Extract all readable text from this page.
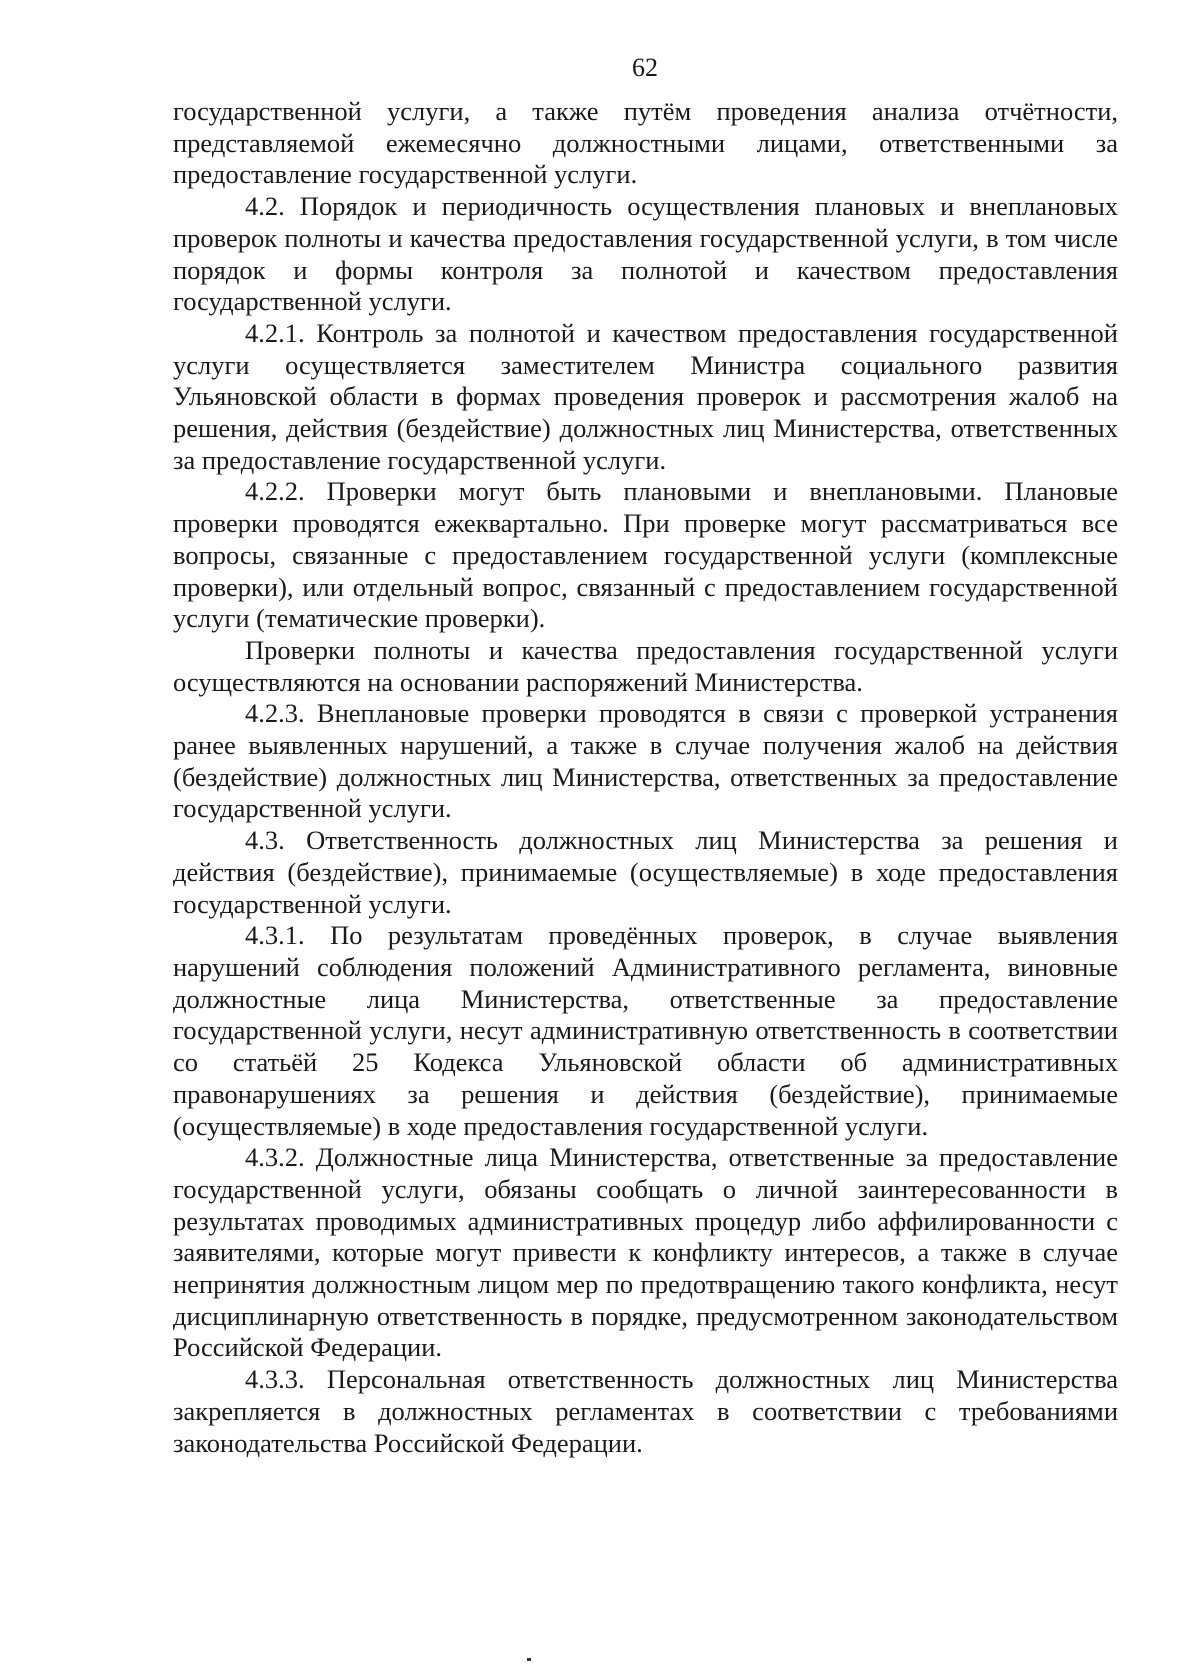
62

государственной услуги, а также путём проведения анализа отчётности, представляемой ежемесячно должностными лицами, ответственными за предоставление государственной услуги.

4.2. Порядок и периодичность осуществления плановых и внеплановых проверок полноты и качества предоставления государственной услуги, в том числе порядок и формы контроля за полнотой и качеством предоставления государственной услуги.

4.2.1. Контроль за полнотой и качеством предоставления государственной услуги осуществляется заместителем Министра социального развития Ульяновской области в формах проведения проверок и рассмотрения жалоб на решения, действия (бездействие) должностных лиц Министерства, ответственных за предоставление государственной услуги.

4.2.2. Проверки могут быть плановыми и внеплановыми. Плановые проверки проводятся ежеквартально. При проверке могут рассматриваться все вопросы, связанные с предоставлением государственной услуги (комплексные проверки), или отдельный вопрос, связанный с предоставлением государственной услуги (тематические проверки).

Проверки полноты и качества предоставления государственной услуги осуществляются на основании распоряжений Министерства.

4.2.3. Внеплановые проверки проводятся в связи с проверкой устранения ранее выявленных нарушений, а также в случае получения жалоб на действия (бездействие) должностных лиц Министерства, ответственных за предоставление государственной услуги.

4.3. Ответственность должностных лиц Министерства за решения и действия (бездействие), принимаемые (осуществляемые) в ходе предоставления государственной услуги.

4.3.1. По результатам проведённых проверок, в случае выявления нарушений соблюдения положений Административного регламента, виновные должностные лица Министерства, ответственные за предоставление государственной услуги, несут административную ответственность в соответствии со статьёй 25 Кодекса Ульяновской области об административных правонарушениях за решения и действия (бездействие), принимаемые (осуществляемые) в ходе предоставления государственной услуги.

4.3.2. Должностные лица Министерства, ответственные за предоставление государственной услуги, обязаны сообщать о личной заинтересованности в результатах проводимых административных процедур либо аффилированности с заявителями, которые могут привести к конфликту интересов, а также в случае непринятия должностным лицом мер по предотвращению такого конфликта, несут дисциплинарную ответственность в порядке, предусмотренном законодательством Российской Федерации.

4.3.3. Персональная ответственность должностных лиц Министерства закрепляется в должностных регламентах в соответствии с требованиями законодательства Российской Федерации.
